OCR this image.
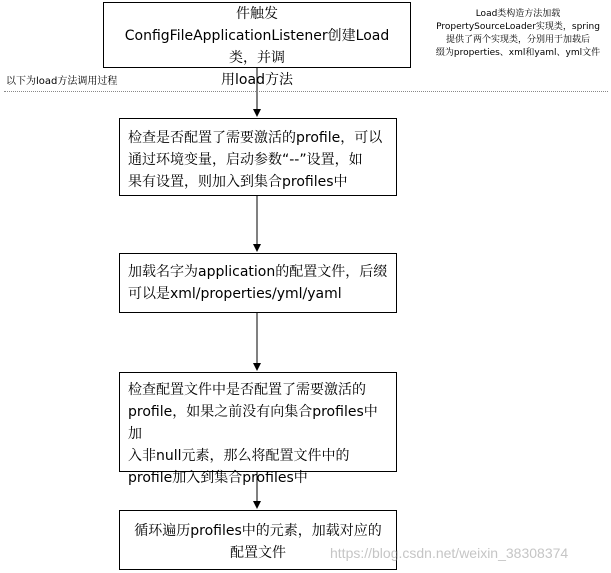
件触发
ConfigFileApplicationListener创建Load类，并调
用load方法
Load类构造方法加载
PropertySourceLoader实现类，spring
提供了两个实现类，分别用于加载后
缀为properties、xml和yaml、yml文件
以下为load方法调用过程
检查是否配置了需要激活的profile，可以
通过环境变量，启动参数“--”设置，如
果有设置，则加入到集合profiles中
加载名字为application的配置文件，后缀
可以是xml/properties/yml/yaml
检查配置文件中是否配置了需要激活的
profile，如果之前没有向集合profiles中加
入非null元素，那么将配置文件中的
profile加入到集合profiles中
循环遍历profiles中的元素，加载对应的
配置文件	https://blog.csdn.net/weixin_38308374
